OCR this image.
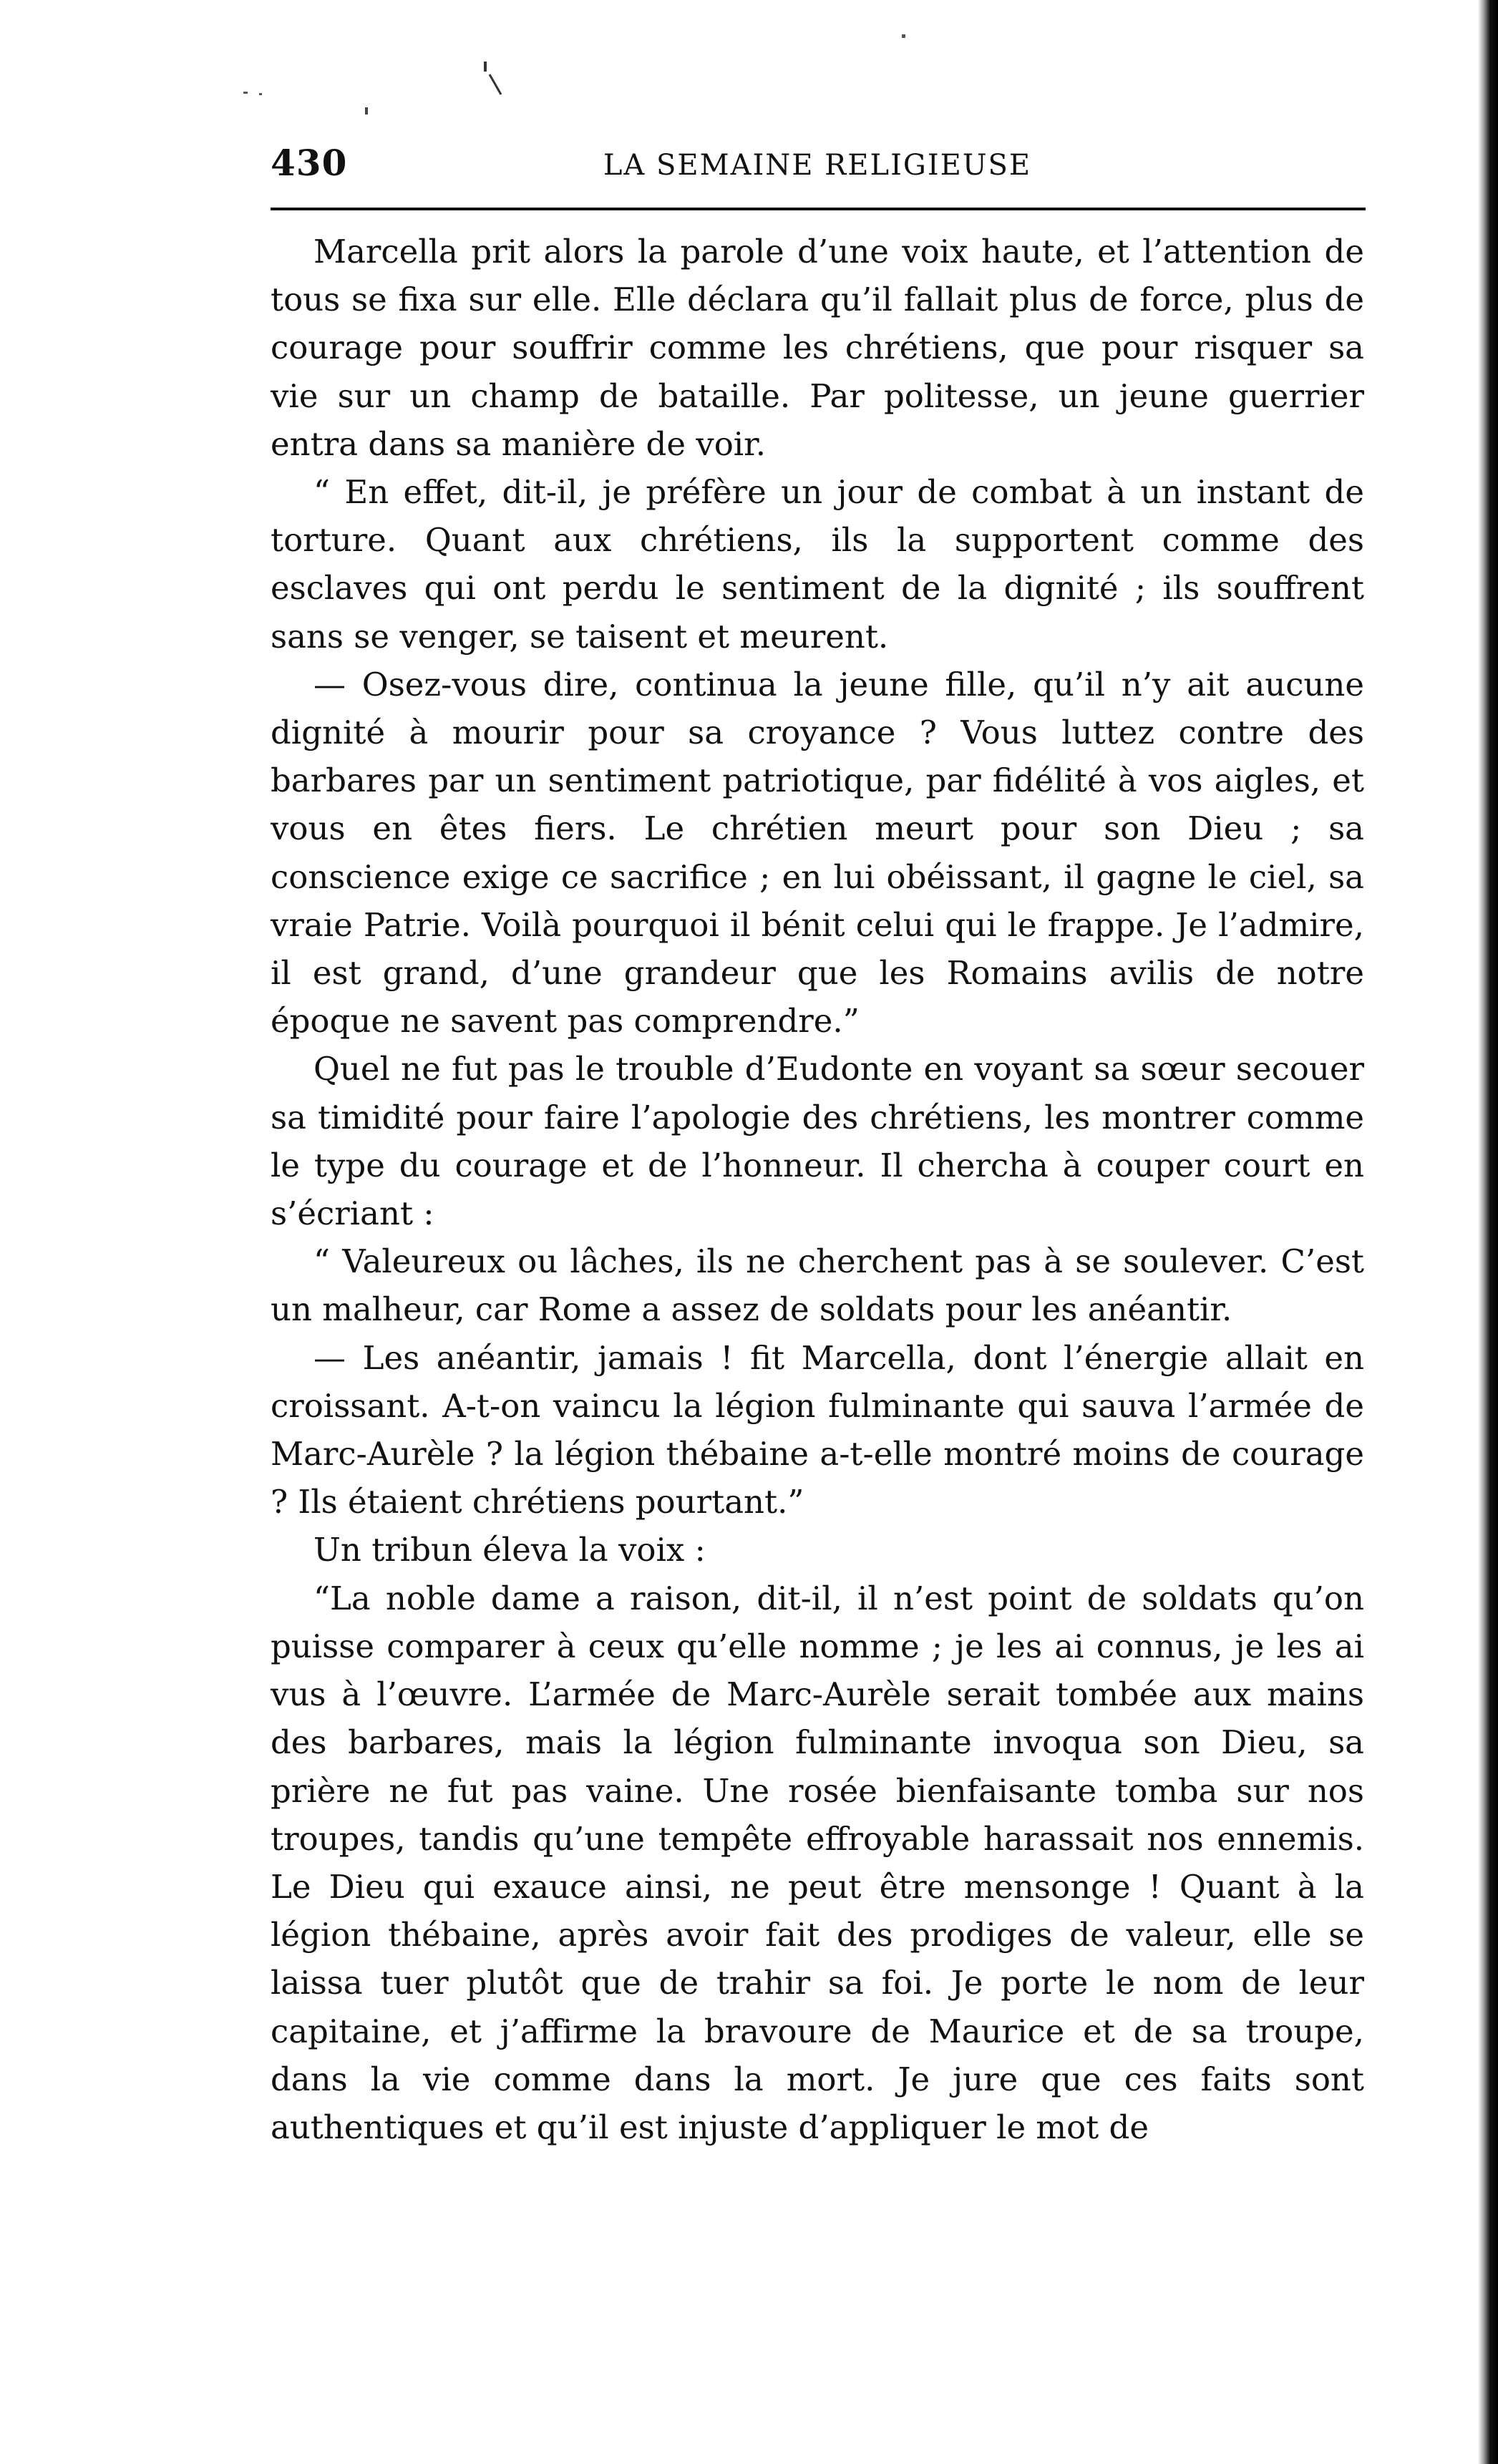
430	LA SEMAINE RELIGIEUSE

Marcella prit alors la parole d’une voix haute, et l’attention de tous se fixa sur elle. Elle déclara qu’il fallait plus de force, plus de courage pour souffrir comme les chrétiens, que pour risquer sa vie sur un champ de bataille. Par politesse, un jeune guerrier entra dans sa manière de voir.

“ En effet, dit-il, je préfère un jour de combat à un instant de torture. Quant aux chrétiens, ils la supportent comme des esclaves qui ont perdu le sentiment de la dignité ; ils souffrent sans se venger, se taisent et meurent.

— Osez-vous dire, continua la jeune fille, qu’il n’y ait aucune dignité à mourir pour sa croyance ? Vous luttez contre des barbares par un sentiment patriotique, par fidélité à vos aigles, et vous en êtes fiers. Le chrétien meurt pour son Dieu ; sa conscience exige ce sacrifice ; en lui obéissant, il gagne le ciel, sa vraie Patrie. Voilà pourquoi il bénit celui qui le frappe. Je l’admire, il est grand, d’une grandeur que les Romains avilis de notre époque ne savent pas comprendre.”

Quel ne fut pas le trouble d’Eudonte en voyant sa sœur secouer sa timidité pour faire l’apologie des chrétiens, les montrer comme le type du courage et de l’honneur. Il chercha à couper court en s’écriant :

“ Valeureux ou lâches, ils ne cherchent pas à se soulever. C’est un malheur, car Rome a assez de soldats pour les anéantir.

— Les anéantir, jamais ! fit Marcella, dont l’énergie allait en croissant. A-t-on vaincu la légion fulminante qui sauva l’armée de Marc-Aurèle ? la légion thébaine a-t-elle montré moins de courage ? Ils étaient chrétiens pourtant.”

Un tribun éleva la voix :

“La noble dame a raison, dit-il, il n’est point de soldats qu’on puisse comparer à ceux qu’elle nomme ; je les ai connus, je les ai vus à l’œuvre. L’armée de Marc-Aurèle serait tombée aux mains des barbares, mais la légion fulminante invoqua son Dieu, sa prière ne fut pas vaine. Une rosée bienfaisante tomba sur nos troupes, tandis qu’une tempête effroyable harassait nos ennemis. Le Dieu qui exauce ainsi, ne peut être mensonge ! Quant à la légion thébaine, après avoir fait des prodiges de valeur, elle se laissa tuer plutôt que de trahir sa foi. Je porte le nom de leur capitaine, et j’affirme la bravoure de Maurice et de sa troupe, dans la vie comme dans la mort. Je jure que ces faits sont authentiques et qu’il est injuste d’appliquer le mot de
